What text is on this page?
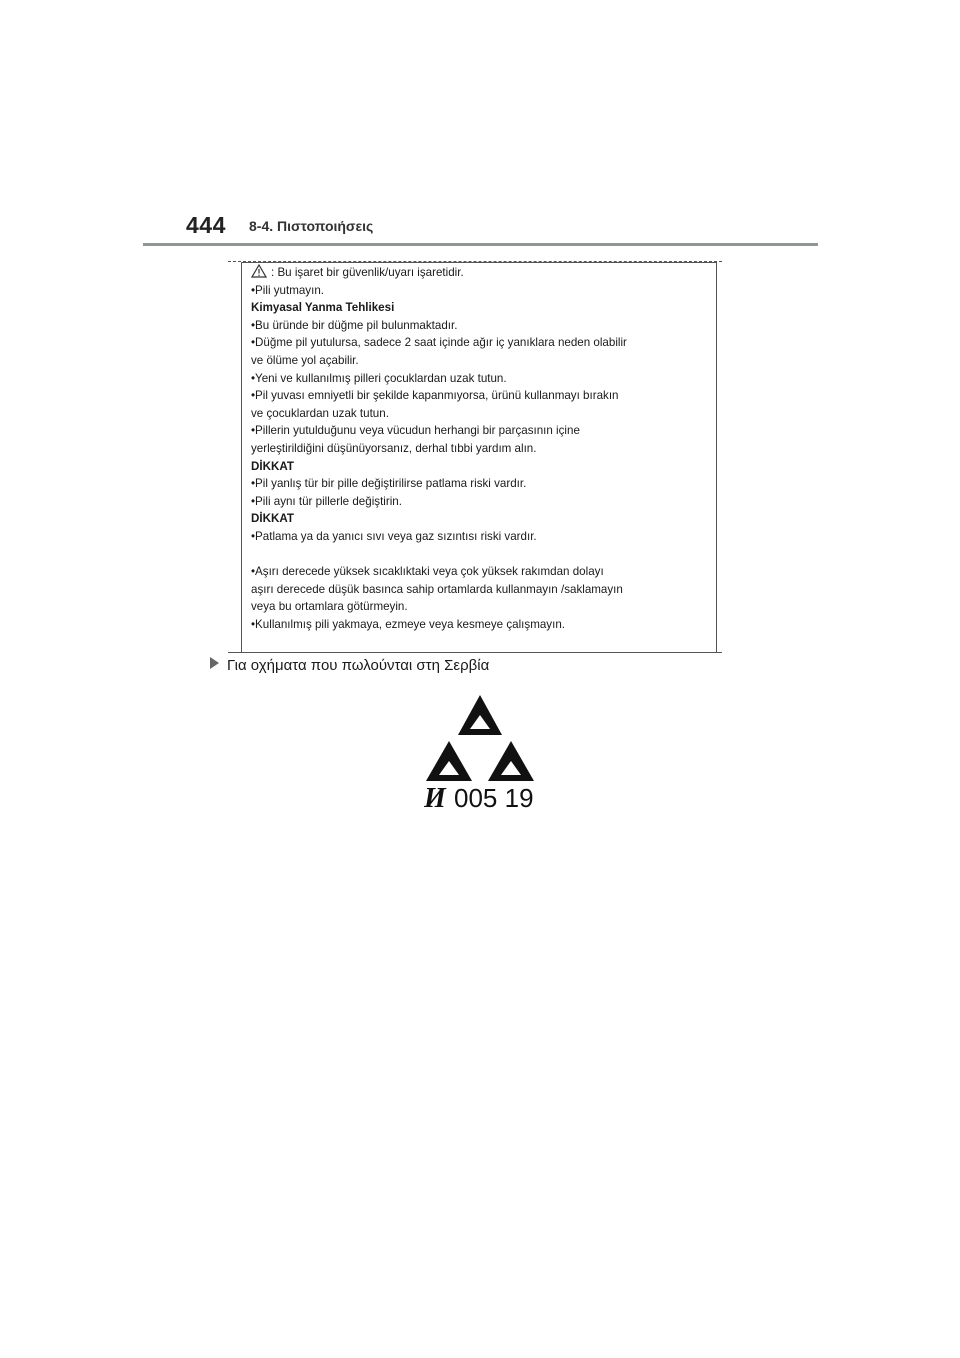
444 8-4. Πιστοποιήσεις
: Bu işaret bir güvenlik/uyarı işaretidir.
•Pili yutmayın.
Kimyasal Yanma Tehlikesi
•Bu üründe bir düğme pil bulunmaktadır.
•Düğme pil yutulursa, sadece 2 saat içinde ağır iç yanıklara neden olabilir
ve ölüme yol açabilir.
•Yeni ve kullanılmış pilleri çocuklardan uzak tutun.
•Pil yuvası emniyetli bir şekilde kapanmıyorsa, ürünü kullanmayı bırakın
ve çocuklardan uzak tutun.
•Pillerin yutulduğunu veya vücudun herhangi bir parçasının içine
yerleştirildiğini düşünüyorsanız, derhal tıbbi yardım alın.
DİKKAT
•Pil yanlış tür bir pille değiştirilirse patlama riski vardır.
•Pili aynı tür pillerle değiştirin.
DİKKAT
•Patlama ya da yanıcı sıvı veya gaz sızıntısı riski vardır.
•Aşırı derecede yüksek sıcaklıktaki veya çok yüksek rakımdan dolayı
aşırı derecede düşük basınca sahip ortamlarda kullanmayın /saklamayın
veya bu ortamlara götürmeyin.
•Kullanılmış pili yakmaya, ezmeye veya kesmeye çalışmayın.
Για οχήματα που πωλούνται στη Σερβία
И 005 19
